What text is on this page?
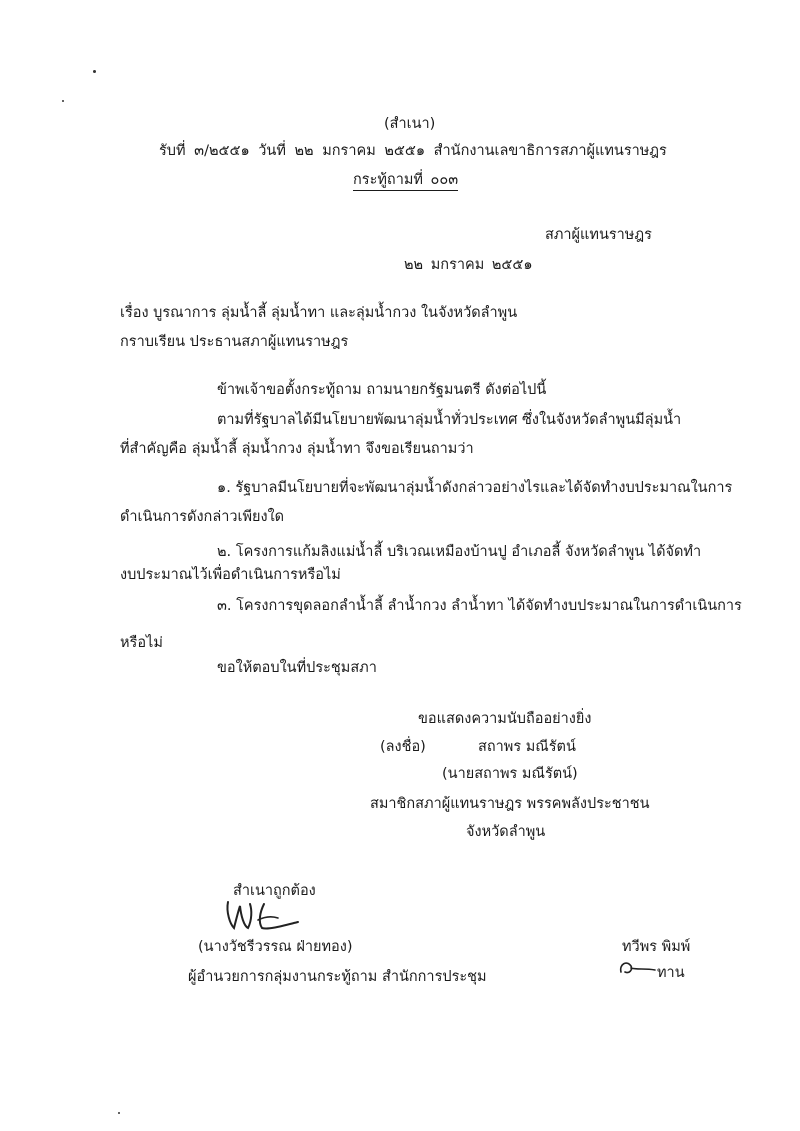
(สำเนา)
รับที่ ๓/๒๕๕๑ วันที่ ๒๒ มกราคม ๒๕๕๑ สำนักงานเลขาธิการสภาผู้แทนราษฎร
กระทู้ถามที่ ๐๐๓
สภาผู้แทนราษฎร
๒๒ มกราคม ๒๕๕๑
เรื่อง บูรณาการ ลุ่มน้ำลี้ ลุ่มน้ำทา และลุ่มน้ำกวง ในจังหวัดลำพูน
กราบเรียน ประธานสภาผู้แทนราษฎร
ข้าพเจ้าขอตั้งกระทู้ถาม ถามนายกรัฐมนตรี ดังต่อไปนี้
ตามที่รัฐบาลได้มีนโยบายพัฒนาลุ่มน้ำทั่วประเทศ ซึ่งในจังหวัดลำพูนมีลุ่มน้ำ
ที่สำคัญคือ ลุ่มน้ำลี้ ลุ่มน้ำกวง ลุ่มน้ำทา จึงขอเรียนถามว่า
๑. รัฐบาลมีนโยบายที่จะพัฒนาลุ่มน้ำดังกล่าวอย่างไรและได้จัดทำงบประมาณในการ
ดำเนินการดังกล่าวเพียงใด
๒. โครงการแก้มลิงแม่น้ำลี้ บริเวณเหมืองบ้านปู อำเภอลี้ จังหวัดลำพูน ได้จัดทำ
งบประมาณไว้เพื่อดำเนินการหรือไม่
๓. โครงการขุดลอกลำน้ำลี้ ลำน้ำกวง ลำน้ำทา ได้จัดทำงบประมาณในการดำเนินการ
หรือไม่
ขอให้ตอบในที่ประชุมสภา
ขอแสดงความนับถืออย่างยิ่ง
(ลงชื่อ)	สถาพร มณีรัตน์
(นายสถาพร มณีรัตน์)
สมาชิกสภาผู้แทนราษฎร พรรคพลังประชาชน
จังหวัดลำพูน
สำเนาถูกต้อง
(นางวัชรีวรรณ ฝ่ายทอง)
ผู้อำนวยการกลุ่มงานกระทู้ถาม สำนักการประชุม
ทวีพร พิมพ์
ทาน
